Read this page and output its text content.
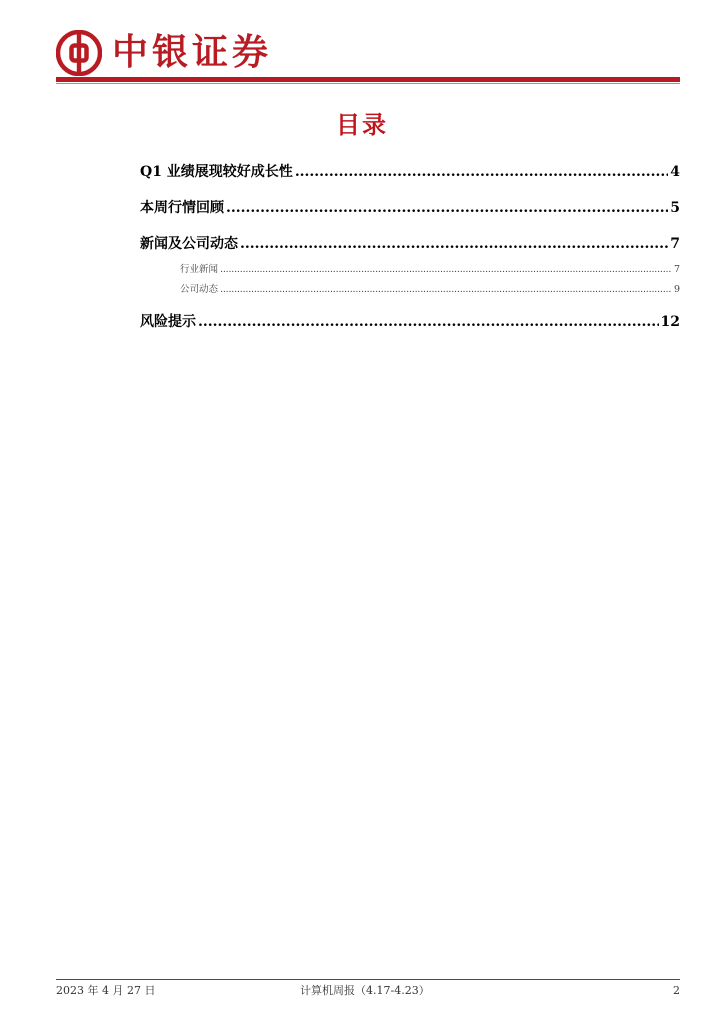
中银证券
目录
Q1 业绩展现较好成长性 .....	4
本周行情回顾 .....	5
新闻及公司动态 .....	7
行业新闻 .....	7
公司动态 .....	9
风险提示 .....	12
2023 年 4 月 27 日	计算机周报（4.17-4.23）	2
